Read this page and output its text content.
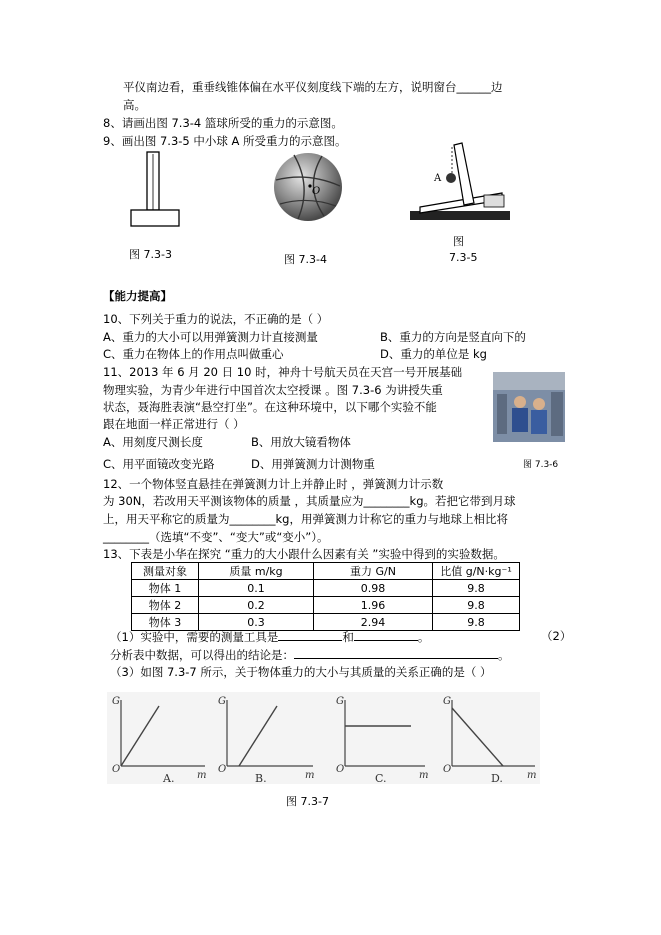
平仪南边看，重垂线锥体偏在水平仪刻度线下端的左方，说明窗台______边
高。
8、请画出图 7.3-4 篮球所受的重力的示意图。
9、画出图 7.3-5 中小球 A 所受重力的示意图。
图 7.3-3
O
图 7.3-4
A
图
7.3-5
【能力提高】
10、下列关于重力的说法，不正确的是（ ）
A、重力的大小可以用弹簧测力计直接测量	B、重力的方向是竖直向下的
C、重力在物体上的作用点叫做重心	D、重力的单位是 kg
11、2013 年 6 月 20 日 10 时，神舟十号航天员在天宫一号开展基础
物理实验，为青少年进行中国首次太空授课 。图 7.3-6 为讲授失重
状态，聂海胜表演“悬空打坐”。在这种环境中，以下哪个实验不能
跟在地面一样正常进行（ ）
A、用刻度尺测长度	B、用放大镜看物体
C、用平面镜改变光路	D、用弹簧测力计测物重	图 7.3-6
12、一个物体竖直悬挂在弹簧测力计上并静止时 ，弹簧测力计示数
为 30N，若改用天平测该物体的质量 ，其质量应为________kg。若把它带到月球
上，用天平称它的质量为________kg，用弹簧测力计称它的重力与地球上相比将
________（选填“不变”、“变大”或“变小”）。
13、下表是小华在探究 “重力的大小跟什么因素有关 ”实验中得到的实验数据。
测量对象	质量 m/kg	重力 G/N	比值 g/N·kg⁻¹
物体 1	0.1	0.98	9.8
物体 2	0.2	1.96	9.8
物体 3	0.3	2.94	9.8
（1）实验中，需要的测量工具是	和	。	（2）
分析表中数据，可以得出的结论是：	。
（3）如图 7.3-7 所示，关于物体重力的大小与其质量的关系正确的是（ ）
G
O
m
A.
G
O
m
B.
G
O
m
C.
G
O
m
D.
图 7.3-7
